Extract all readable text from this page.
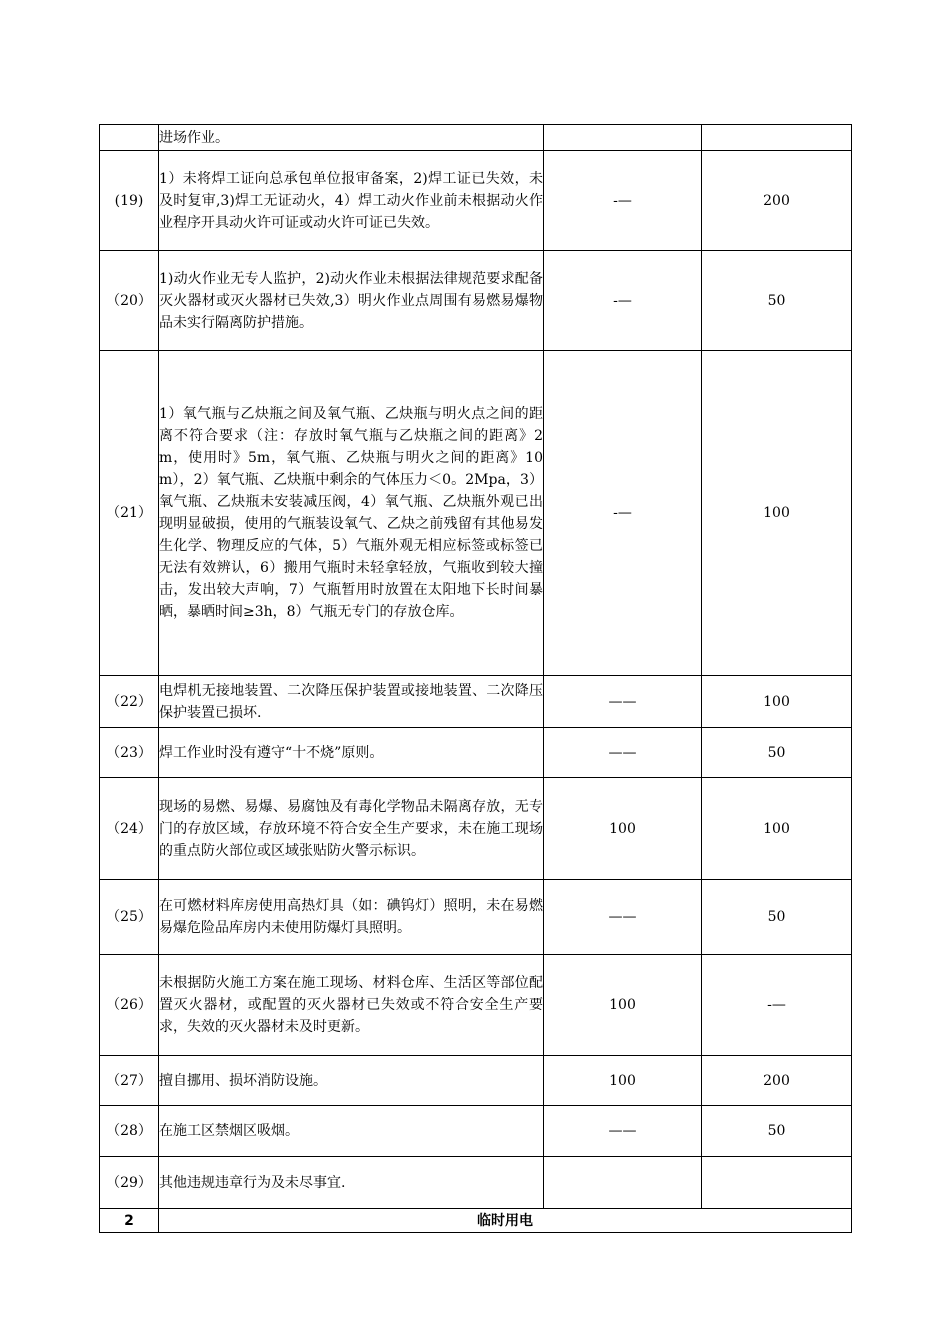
	进场作业。		
(19)	1）未将焊工证向总承包单位报审备案，2)焊工证已失效，未及时复审,3)焊工无证动火，4）焊工动火作业前未根据动火作业程序开具动火许可证或动火许可证已失效。	-—	200
（20）	1)动火作业无专人监护，2)动火作业未根据法律规范要求配备灭火器材或灭火器材已失效,3）明火作业点周围有易燃易爆物品未实行隔离防护措施。	-—	50
（21）	1）氧气瓶与乙炔瓶之间及氧气瓶、乙炔瓶与明火点之间的距离不符合要求（注：存放时氧气瓶与乙炔瓶之间的距离》2m，使用时》5m，氧气瓶、乙炔瓶与明火之间的距离》10m），2）氧气瓶、乙炔瓶中剩余的气体压力＜0。2Mpa，3）氧气瓶、乙炔瓶未安装减压阀，4）氧气瓶、乙炔瓶外观已出现明显破损，使用的气瓶装设氧气、乙炔之前残留有其他易发生化学、物理反应的气体，5）气瓶外观无相应标签或标签已无法有效辨认，6）搬用气瓶时未轻拿轻放，气瓶收到较大撞击，发出较大声响，7）气瓶暂用时放置在太阳地下长时间暴晒，暴晒时间≥3h，8）气瓶无专门的存放仓库。	-—	100
（22）	电焊机无接地装置、二次降压保护装置或接地装置、二次降压保护装置已损坏.	——	100
（23）	焊工作业时没有遵守“十不烧”原则。	——	50
（24）	现场的易燃、易爆、易腐蚀及有毒化学物品未隔离存放，无专门的存放区域，存放环境不符合安全生产要求，未在施工现场的重点防火部位或区域张贴防火警示标识。	100	100
（25）	在可燃材料库房使用高热灯具（如：碘钨灯）照明，未在易燃易爆危险品库房内未使用防爆灯具照明。	——	50
（26）	未根据防火施工方案在施工现场、材料仓库、生活区等部位配置灭火器材，或配置的灭火器材已失效或不符合安全生产要求，失效的灭火器材未及时更新。	100	-—
（27）	擅自挪用、损坏消防设施。	100	200
（28）	在施工区禁烟区吸烟。	——	50
（29）	其他违规违章行为及未尽事宜.		
2	临时用电		
